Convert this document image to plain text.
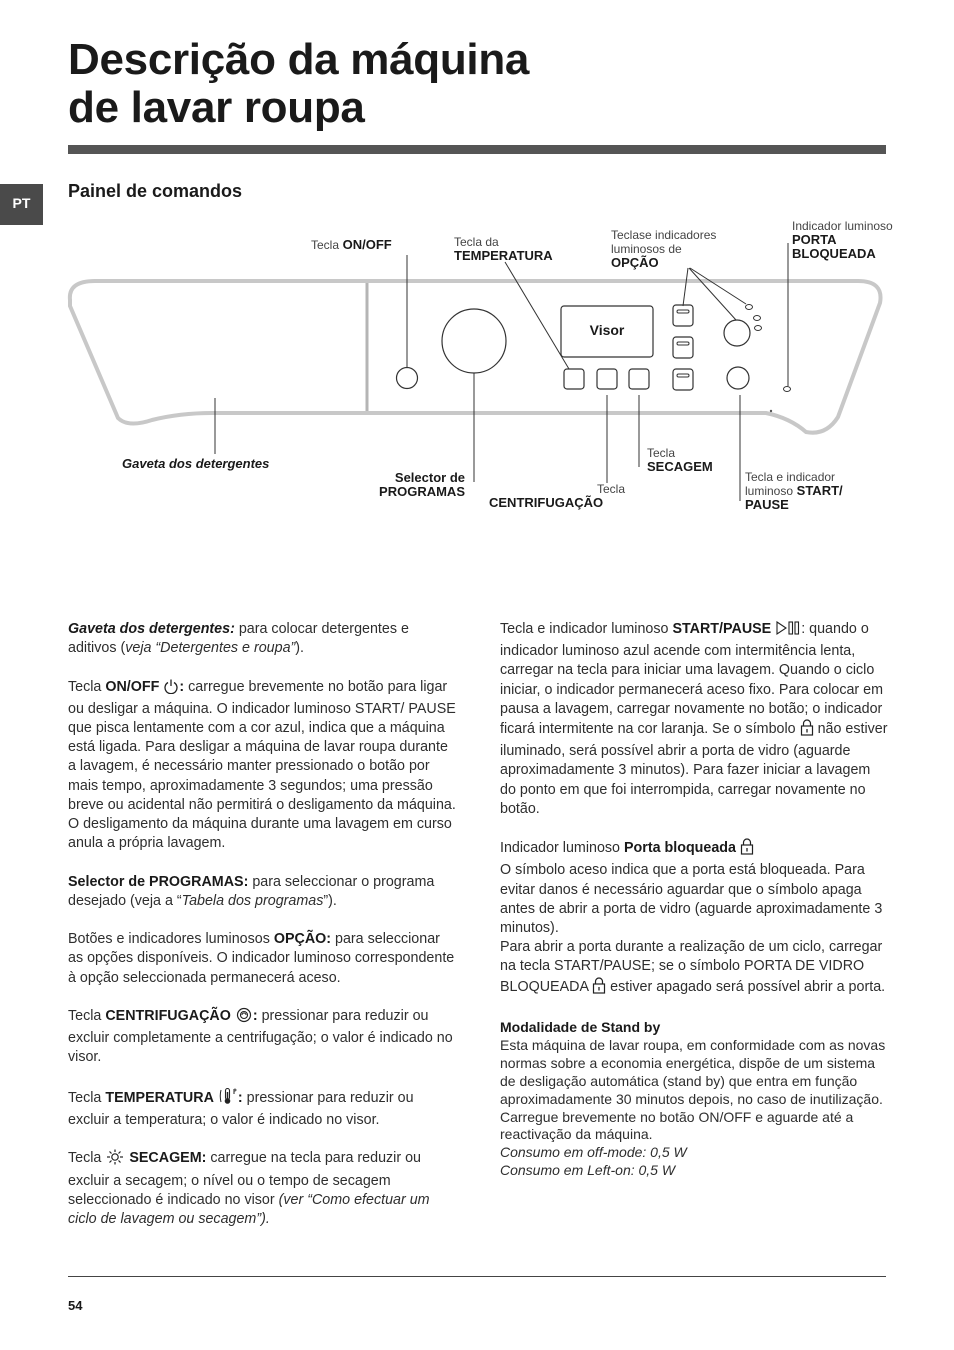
Descrição da máquina
de lavar roupa
PT
Painel de comandos
Tecla ON/OFF	Tecla da
TEMPERATURA
Teclase indicadores
luminosos de
OPÇÃO
Indicador luminoso
PORTA
BLOQUEADA
Visor
Gaveta dos detergentes
Selector de
PROGRAMAS	Tecla
CENTRIFUGAÇÃO
Tecla
SECAGEM
Tecla e indicador
luminoso START/
PAUSE

Gaveta dos detergentes: para colocar detergentes e aditivos (veja “Detergentes e roupa”).

Tecla ON/OFF : carregue brevemente no botão para ligar ou desligar a máquina. O indicador luminoso START/ PAUSE que pisca lentamente com a cor azul, indica que a máquina está ligada. Para desligar a máquina de lavar roupa durante a lavagem, é necessário manter pressionado o botão por mais tempo, aproximadamente 3 segundos; uma pressão breve ou acidental não permitirá o desligamento da máquina. O desligamento da máquina durante uma lavagem em curso anula a própria lavagem.

Selector de PROGRAMAS: para seleccionar o programa desejado (veja a “Tabela dos programas”).

Botões e indicadores luminosos OPÇÃO: para seleccionar as opções disponíveis. O indicador luminoso correspondente à opção seleccionada permanecerá aceso.

Tecla CENTRIFUGAÇÃO : pressionar para reduzir ou excluir completamente a centrifugação; o valor é indicado no visor.

Tecla TEMPERATURA : pressionar para reduzir ou excluir a temperatura; o valor é indicado no visor.

Tecla  SECAGEM: carregue na tecla para reduzir ou excluir a secagem; o nível ou o tempo de secagem seleccionado é indicado no visor (ver “Como efectuar um ciclo de lavagem ou secagem”).

Tecla e indicador luminoso START/PAUSE : quando o indicador luminoso azul acende com intermitência lenta, carregar na tecla para iniciar uma lavagem. Quando o ciclo iniciar, o indicador permanecerá aceso fixo. Para colocar em pausa a lavagem, carregar novamente no botão; o indicador ficará intermitente na cor laranja. Se o símbolo  não estiver iluminado, será possível abrir a porta de vidro (aguarde aproximadamente 3 minutos). Para fazer iniciar a lavagem do ponto em que foi interrompida, carregar novamente no botão.

Indicador luminoso Porta bloqueada
O símbolo aceso indica que a porta está bloqueada. Para evitar danos é necessário aguardar que o símbolo apaga antes de abrir a porta de vidro (aguarde aproximadamente 3 minutos).
Para abrir a porta durante a realização de um ciclo, carregar na tecla START/PAUSE; se o símbolo PORTA DE VIDRO BLOQUEADA  estiver apagado será possível abrir a porta.

Modalidade de Stand by
Esta máquina de lavar roupa, em conformidade com as novas normas sobre a economia energética, dispõe de um sistema de desligação automática (stand by) que entra em função aproximadamente 30 minutos depois, no caso de inutilização. Carregue brevemente no botão ON/OFF e aguarde até a reactivação da máquina.
Consumo em off-mode: 0,5 W
Consumo em Left-on: 0,5 W
54
